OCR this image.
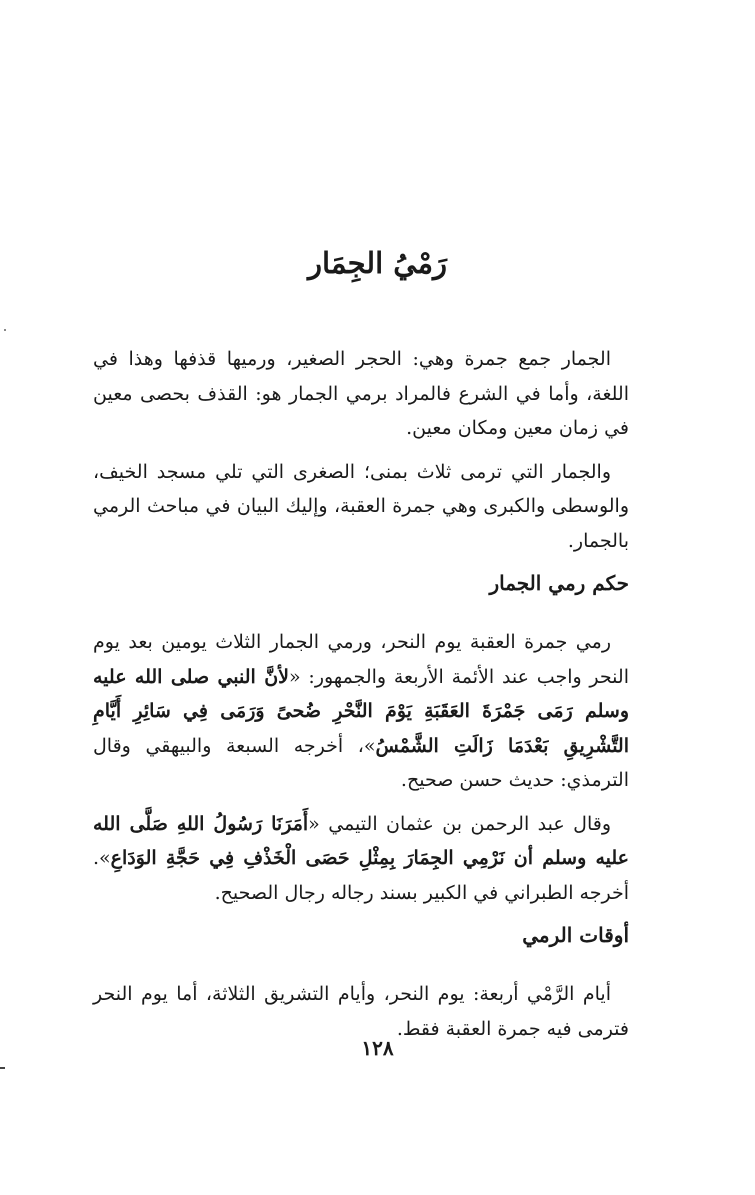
رَمْيُ الجِمَار

الجمار جمع جمرة وهي: الحجر الصغير، ورميها قذفها وهذا في اللغة، وأما في الشرع فالمراد برمي الجمار هو: القذف بحصى معين في زمان معين ومكان معين.

والجمار التي ترمى ثلاث بمنى؛ الصغرى التي تلي مسجد الخيف، والوسطى والكبرى وهي جمرة العقبة، وإليك البيان في مباحث الرمي بالجمار.

حكم رمي الجمار

رمي جمرة العقبة يوم النحر، ورمي الجمار الثلاث يومين بعد يوم النحر واجب عند الأئمة الأربعة والجمهور: «لأنَّ النبي صلى الله عليه وسلم رَمَى جَمْرَةَ العَقَبَةِ يَوْمَ النَّحْرِ ضُحىً وَرَمَى فِي سَائِرِ أَيَّامِ التَّشْرِيقِ بَعْدَمَا زَالَتِ الشَّمْسُ»، أخرجه السبعة والبيهقي وقال الترمذي: حديث حسن صحيح.

وقال عبد الرحمن بن عثمان التيمي «أَمَرَنَا رَسُولُ اللهِ صَلَّى الله عليه وسلم أن نَرْمِي الجِمَارَ بِمِثْلِ حَصَى الْخَذْفِ فِي حَجَّةِ الوَدَاعِ». أخرجه الطبراني في الكبير بسند رجاله رجال الصحيح.

أوقات الرمي

أيام الرَّمْي أربعة: يوم النحر، وأيام التشريق الثلاثة، أما يوم النحر فترمى فيه جمرة العقبة فقط.

١٢٨
